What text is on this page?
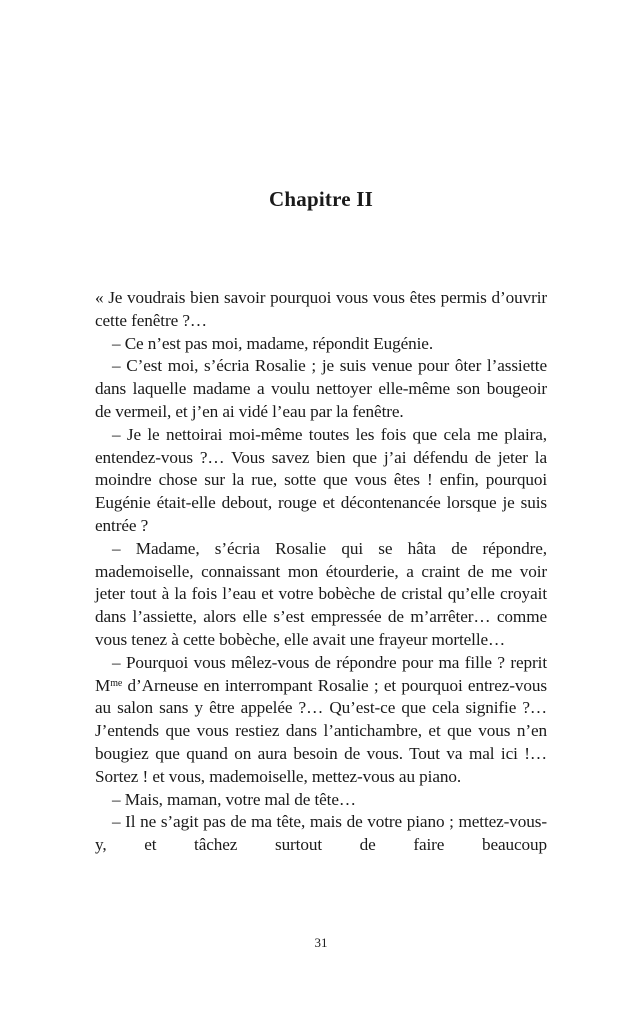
Chapitre II

« Je voudrais bien savoir pourquoi vous vous êtes permis d’ouvrir cette fenêtre ?…

– Ce n’est pas moi, madame, répondit Eugénie.

– C’est moi, s’écria Rosalie ; je suis venue pour ôter l’assiette dans laquelle madame a voulu nettoyer elle-même son bougeoir de vermeil, et j’en ai vidé l’eau par la fenêtre.

– Je le nettoirai moi-même toutes les fois que cela me plaira, entendez-vous ?… Vous savez bien que j’ai défendu de jeter la moindre chose sur la rue, sotte que vous êtes ! enfin, pourquoi Eugénie était-elle debout, rouge et décontenancée lorsque je suis entrée ?

– Madame, s’écria Rosalie qui se hâta de répondre, mademoiselle, connaissant mon étourderie, a craint de me voir jeter tout à la fois l’eau et votre bobèche de cristal qu’elle croyait dans l’assiette, alors elle s’est empressée de m’arrêter… comme vous tenez à cette bobèche, elle avait une frayeur mortelle…

– Pourquoi vous mêlez-vous de répondre pour ma fille ? reprit $M^{me}$ d’Arneuse en interrompant Rosalie ; et pourquoi entrez-vous au salon sans y être appelée ?… Qu’est-ce que cela signifie ?… J’entends que vous restiez dans l’antichambre, et que vous n’en bougiez que quand on aura besoin de vous. Tout va mal ici !… Sortez ! et vous, mademoiselle, mettez-vous au piano.

– Mais, maman, votre mal de tête…

– Il ne s’agit pas de ma tête, mais de votre piano ; mettez-vous-y, et tâchez surtout de faire beaucoup

31
